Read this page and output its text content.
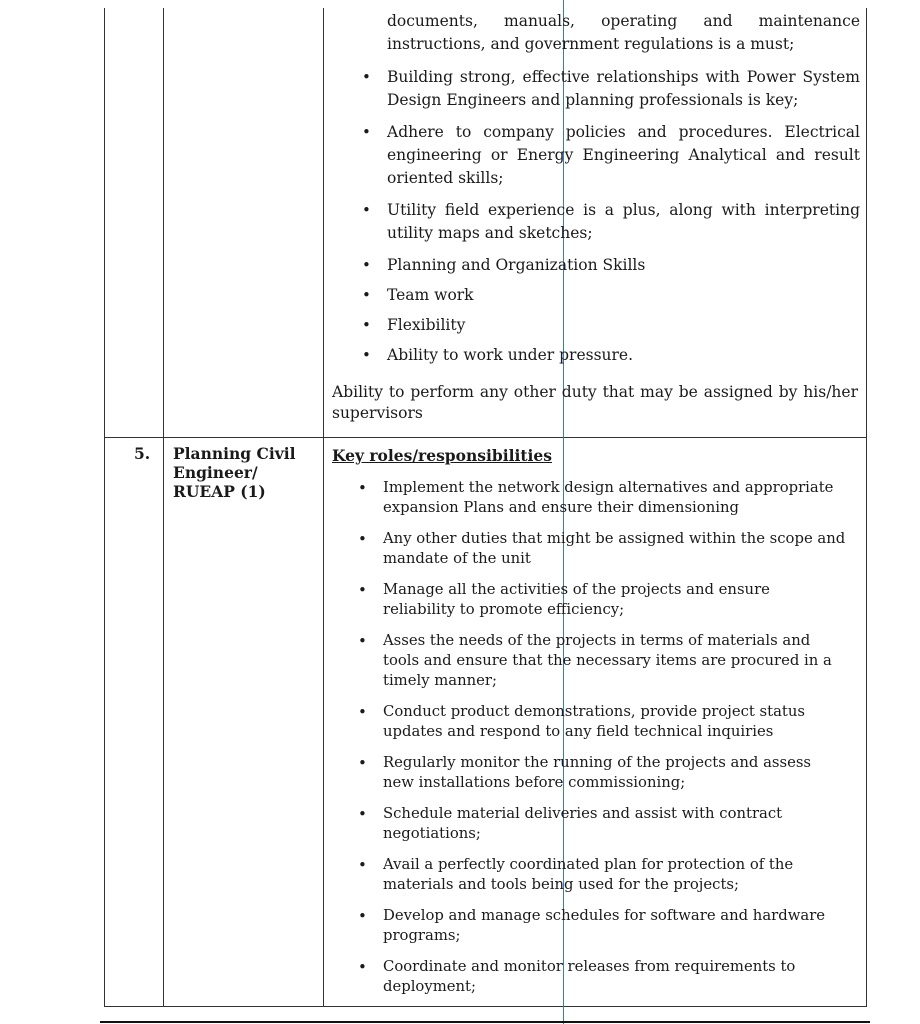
documents, manuals, operating and maintenance instructions, and government regulations is a must;
• Building strong, effective relationships with Power System Design Engineers and planning professionals is key;
• Adhere to company policies and procedures. Electrical engineering or Energy Engineering Analytical and result oriented skills;
• Utility field experience is a plus, along with interpreting utility maps and sketches;
• Planning and Organization Skills
• Team work
• Flexibility
• Ability to work under pressure.
Ability to perform any other duty that may be assigned by his/her supervisors
5. Planning Civil Engineer/ RUEAP (1)
Key roles/responsibilities
• Implement the network design alternatives and appropriate expansion Plans and ensure their dimensioning
• Any other duties that might be assigned within the scope and mandate of the unit
• Manage all the activities of the projects and ensure reliability to promote efficiency;
• Asses the needs of the projects in terms of materials and tools and ensure that the necessary items are procured in a timely manner;
• Conduct product demonstrations, provide project status updates and respond to any field technical inquiries
• Regularly monitor the running of the projects and assess new installations before commissioning;
• Schedule material deliveries and assist with contract negotiations;
• Avail a perfectly coordinated plan for protection of the materials and tools being used for the projects;
• Develop and manage schedules for software and hardware programs;
• Coordinate and monitor releases from requirements to deployment;
